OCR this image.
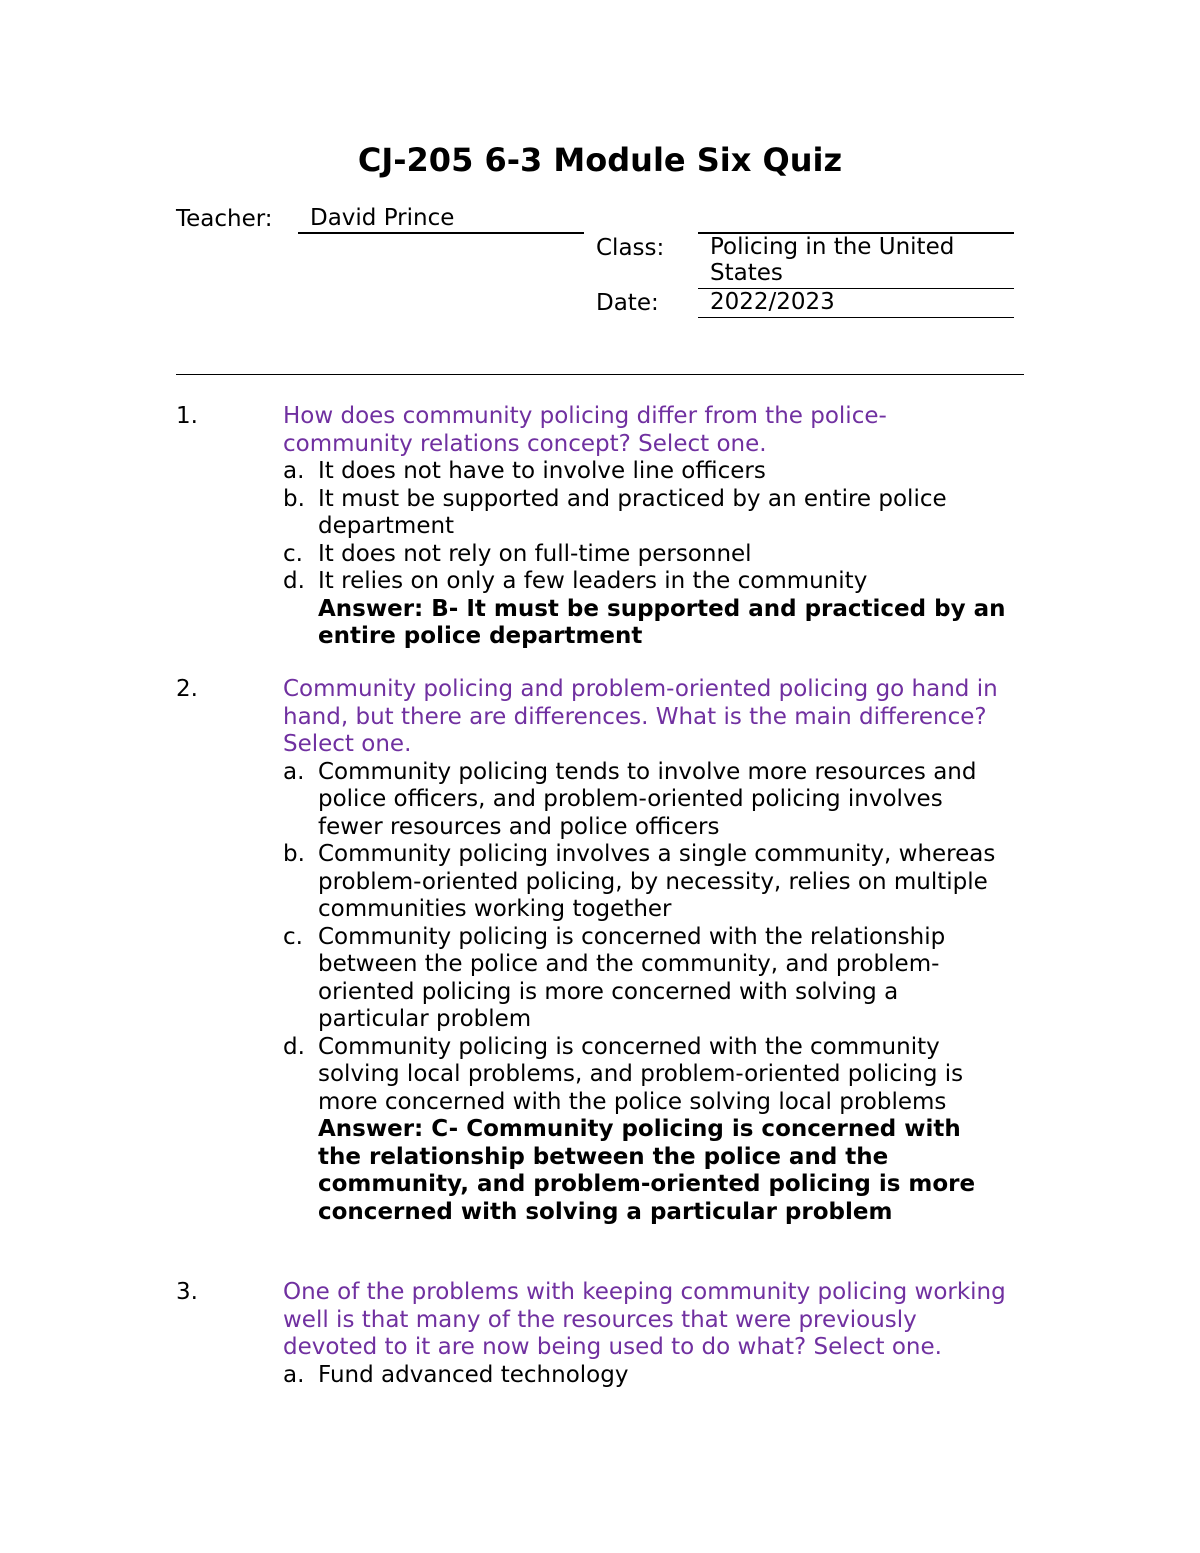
CJ-205 6-3 Module Six Quiz
Teacher: David Prince
Class: Policing in the United
States
Date: 2022/2023
1.	How does community policing differ from the police-
community relations concept? Select one.
a. It does not have to involve line officers
b. It must be supported and practiced by an entire police
department
c. It does not rely on full-time personnel
d. It relies on only a few leaders in the community
Answer: B- It must be supported and practiced by an
entire police department
2.	Community policing and problem-oriented policing go hand in
hand, but there are differences. What is the main difference?
Select one.
a. Community policing tends to involve more resources and
police officers, and problem-oriented policing involves
fewer resources and police officers
b. Community policing involves a single community, whereas
problem-oriented policing, by necessity, relies on multiple
communities working together
c. Community policing is concerned with the relationship
between the police and the community, and problem-
oriented policing is more concerned with solving a
particular problem
d. Community policing is concerned with the community
solving local problems, and problem-oriented policing is
more concerned with the police solving local problems
Answer: C- Community policing is concerned with
the relationship between the police and the
community, and problem-oriented policing is more
concerned with solving a particular problem
3.	One of the problems with keeping community policing working
well is that many of the resources that were previously
devoted to it are now being used to do what? Select one.
a. Fund advanced technology
